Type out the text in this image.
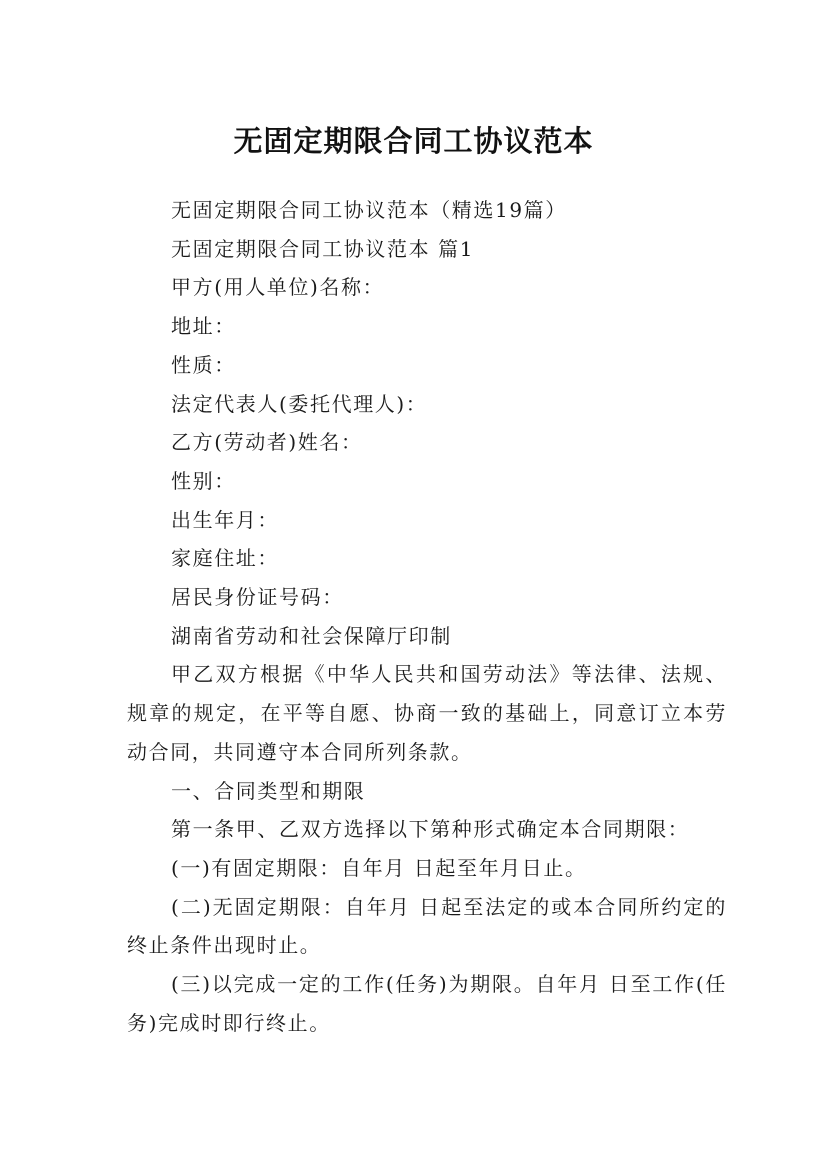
无固定期限合同工协议范本

无固定期限合同工协议范本（精选19篇）

无固定期限合同工协议范本 篇1

甲方(用人单位)名称：

地址：

性质：

法定代表人(委托代理人)：

乙方(劳动者)姓名：

性别：

出生年月：

家庭住址：

居民身份证号码：

湖南省劳动和社会保障厅印制

甲乙双方根据《中华人民共和国劳动法》等法律、法规、规章的规定，在平等自愿、协商一致的基础上，同意订立本劳动合同，共同遵守本合同所列条款。

一、合同类型和期限

第一条甲、乙双方选择以下第种形式确定本合同期限：

(一)有固定期限：自年月 日起至年月日止。

(二)无固定期限：自年月 日起至法定的或本合同所约定的终止条件出现时止。

(三)以完成一定的工作(任务)为期限。自年月 日至工作(任务)完成时即行终止。
